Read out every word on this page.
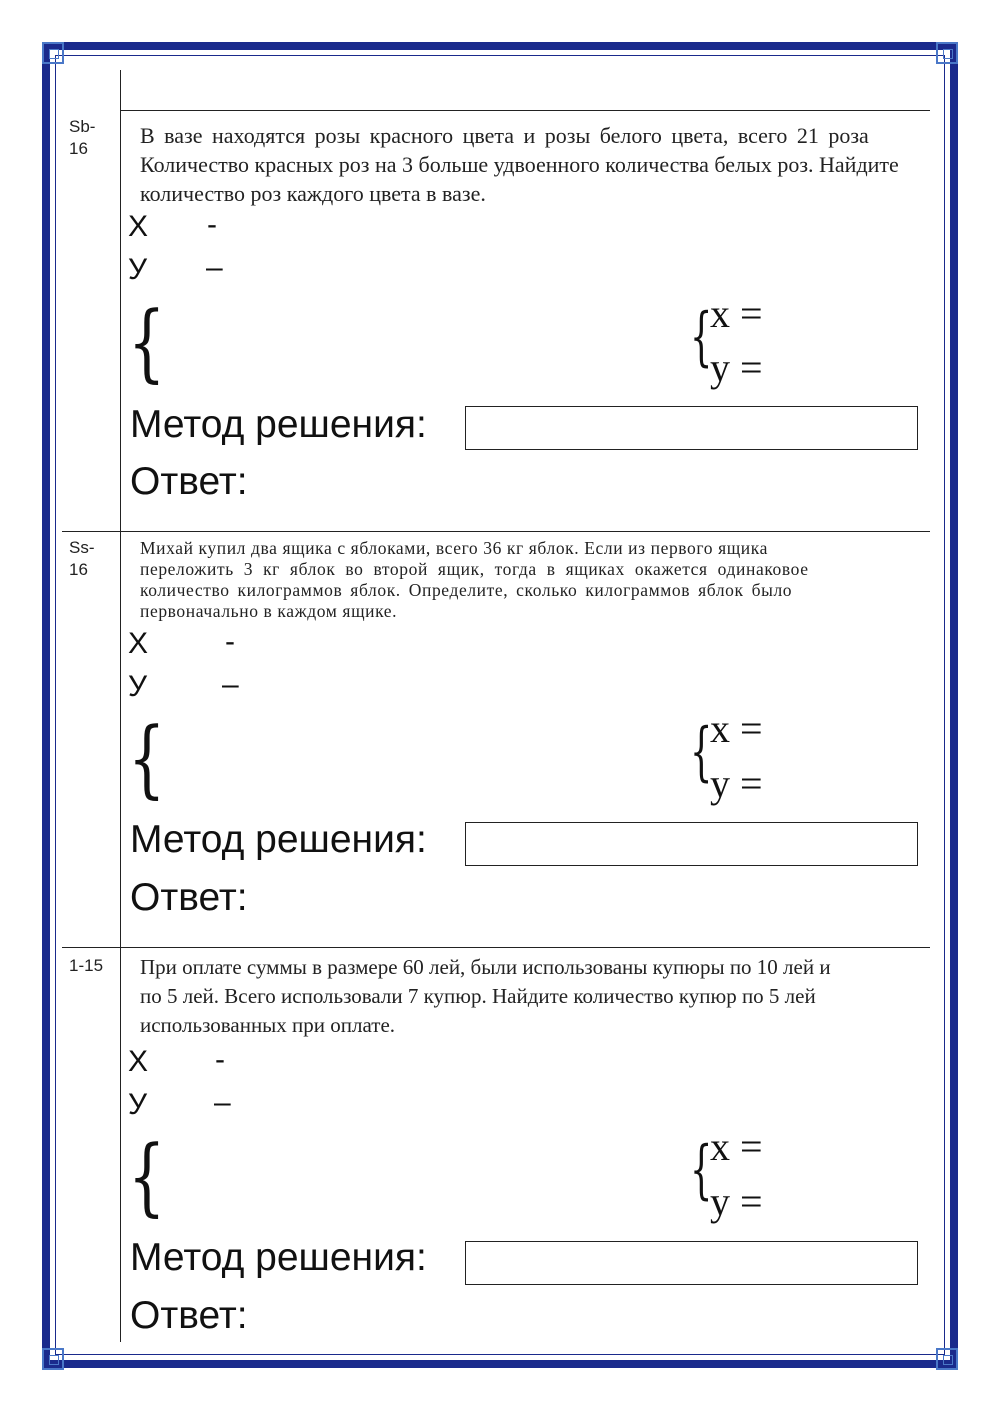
Sb-16
В вазе находятся розы красного цвета и розы белого цвета, всего 21 роза
Количество красных роз на 3 больше удвоенного количества белых роз. Найдите
количество роз каждого цвета в вазе.
X -
У –
{	{
x =
y =
Метод решения:
Ответ:
Ss-16
Михай купил два ящика с яблоками, всего 36 кг яблок. Если из первого ящика
переложить 3 кг яблок во второй ящик, тогда в ящиках окажется одинаковое
количество килограммов яблок. Определите, сколько килограммов яблок было
первоначально в каждом ящике.
X	-
У –
{	{
x =
y =
Метод решения:
Ответ:
1-15 При оплате суммы в размере 60 лей, были использованы купюры по 10 лей и
по 5 лей. Всего использовали 7 купюр. Найдите количество купюр по 5 лей
использованных при оплате.
X -
У –
{	{
x =
y =
Метод решения:
Ответ:
